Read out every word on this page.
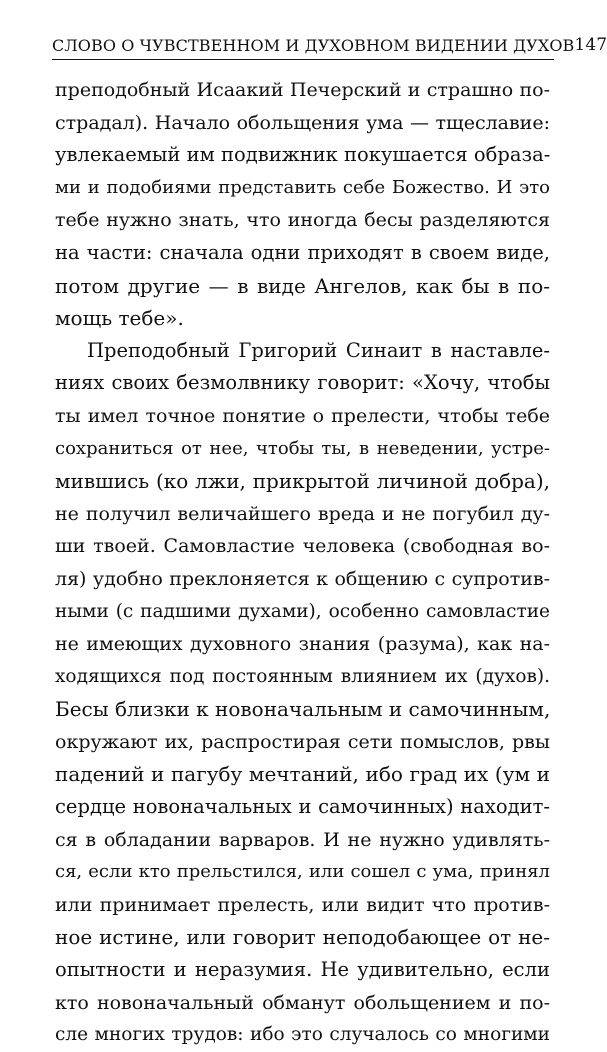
СЛОВО О ЧУВСТВЕННОМ И ДУХОВНОМ ВИДЕНИИ ДУХОВ 147
преподобный Исаакий Печерский и страшно по-
страдал). Начало обольщения ума — тщеславие:
увлекаемый им подвижник покушается образа-
ми и подобиями представить себе Божество. И это
тебе нужно знать, что иногда бесы разделяются
на части: сначала одни приходят в своем виде,
потом другие — в виде Ангелов, как бы в по-
мощь тебе».
Преподобный Григорий Синаит в наставле-
ниях своих безмолвнику говорит: «Хочу, чтобы
ты имел точное понятие о прелести, чтобы тебе
сохраниться от нее, чтобы ты, в неведении, устре-
мившись (ко лжи, прикрытой личиной добра),
не получил величайшего вреда и не погубил ду-
ши твоей. Самовластие человека (свободная во-
ля) удобно преклоняется к общению с супротив-
ными (с падшими духами), особенно самовластие
не имеющих духовного знания (разума), как на-
ходящихся под постоянным влиянием их (духов).
Бесы близки к новоначальным и самочинным,
окружают их, распростирая сети помыслов, рвы
падений и пагубу мечтаний, ибо град их (ум и
сердце новоначальных и самочинных) находит-
ся в обладании варваров. И не нужно удивлять-
ся, если кто прельстился, или сошел с ума, принял
или принимает прелесть, или видит что против-
ное истине, или говорит неподобающее от не-
опытности и неразумия. Не удивительно, если
кто новоначальный обманут обольщением и по-
сле многих трудов: ибо это случалось со многими
